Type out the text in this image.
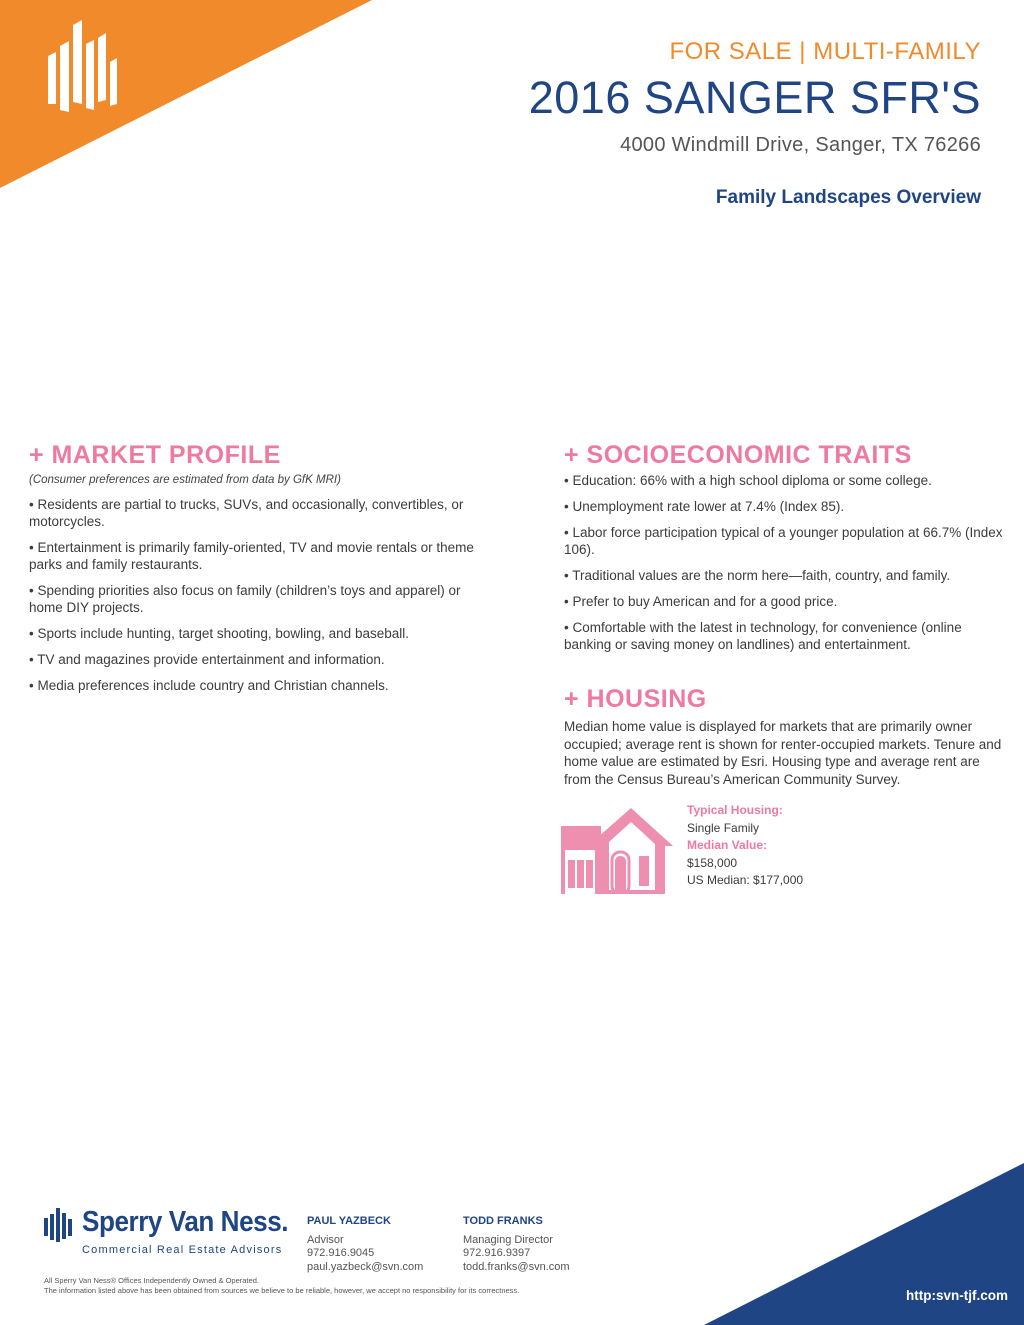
FOR SALE | MULTI-FAMILY
2016 SANGER SFR'S
4000 Windmill Drive, Sanger, TX 76266
Family Landscapes Overview
+ MARKET PROFILE
(Consumer preferences are estimated from data by GfK MRI)
• Residents are partial to trucks, SUVs, and occasionally, convertibles, or motorcycles.
• Entertainment is primarily family-oriented, TV and movie rentals or theme parks and family restaurants.
• Spending priorities also focus on family (children’s toys and apparel) or home DIY projects.
• Sports include hunting, target shooting, bowling, and baseball.
• TV and magazines provide entertainment and information.
• Media preferences include country and Christian channels.
+ SOCIOECONOMIC TRAITS
• Education: 66% with a high school diploma or some college.
• Unemployment rate lower at 7.4% (Index 85).
• Labor force participation typical of a younger population at 66.7% (Index 106).
• Traditional values are the norm here—faith, country, and family.
• Prefer to buy American and for a good price.
• Comfortable with the latest in technology, for convenience (online banking or saving money on landlines) and entertainment.
+ HOUSING
Median home value is displayed for markets that are primarily owner occupied; average rent is shown for renter-occupied markets. Tenure and home value are estimated by Esri. Housing type and average rent are from the Census Bureau’s American Community Survey.
Typical Housing:
Single Family
Median Value:
$158,000
US Median: $177,000
Sperry Van Ness.
Commercial Real Estate Advisors
PAUL YAZBECK
Advisor
972.916.9045
paul.yazbeck@svn.com
TODD FRANKS
Managing Director
972.916.9397
todd.franks@svn.com
All Sperry Van Ness® Offices Independently Owned & Operated.
The information listed above has been obtained from sources we believe to be reliable, however, we accept no responsibility for its correctness.	http:svn-tjf.com
